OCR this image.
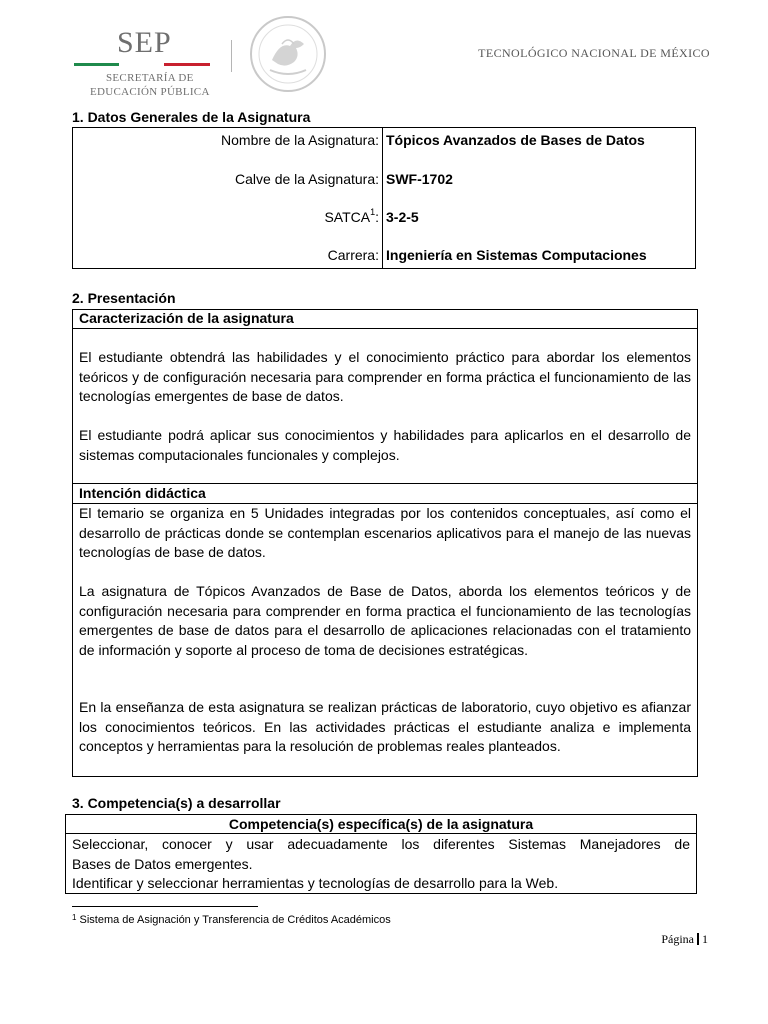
SEP
SECRETARÍA DE
EDUCACIÓN PÚBLICA
TECNOLÓGICO NACIONAL DE MÉXICO
1. Datos Generales de la Asignatura
Nombre de la Asignatura: Tópicos Avanzados de Bases de Datos
Calve de la Asignatura: SWF-1702
SATCA$^1$: 3-2-5
Carrera: Ingeniería en Sistemas Computaciones
2. Presentación
Caracterización de la asignatura
El estudiante obtendrá las habilidades y el conocimiento práctico para abordar los elementos teóricos y de configuración necesaria para comprender en forma práctica el funcionamiento de las tecnologías emergentes de base de datos.
El estudiante podrá aplicar sus conocimientos y habilidades para aplicarlos en el desarrollo de sistemas computacionales funcionales y complejos.
Intención didáctica
El temario se organiza en 5 Unidades integradas por los contenidos conceptuales, así como el desarrollo de prácticas donde se contemplan escenarios aplicativos para el manejo de las nuevas tecnologías de base de datos.
La asignatura de Tópicos Avanzados de Base de Datos, aborda los elementos teóricos y de configuración necesaria para comprender en forma practica el funcionamiento de las tecnologías emergentes de base de datos para el desarrollo de aplicaciones relacionadas con el tratamiento de información y soporte al proceso de toma de decisiones estratégicas.
En la enseñanza de esta asignatura se realizan prácticas de laboratorio, cuyo objetivo es afianzar los conocimientos teóricos. En las actividades prácticas el estudiante analiza e implementa conceptos y herramientas para la resolución de problemas reales planteados.
3. Competencia(s) a desarrollar
Competencia(s) específica(s) de la asignatura
Seleccionar, conocer y usar adecuadamente los diferentes Sistemas Manejadores de
Bases de Datos emergentes.
Identificar y seleccionar herramientas y tecnologías de desarrollo para la Web.
$^1$ Sistema de Asignación y Transferencia de Créditos Académicos
Página 1
